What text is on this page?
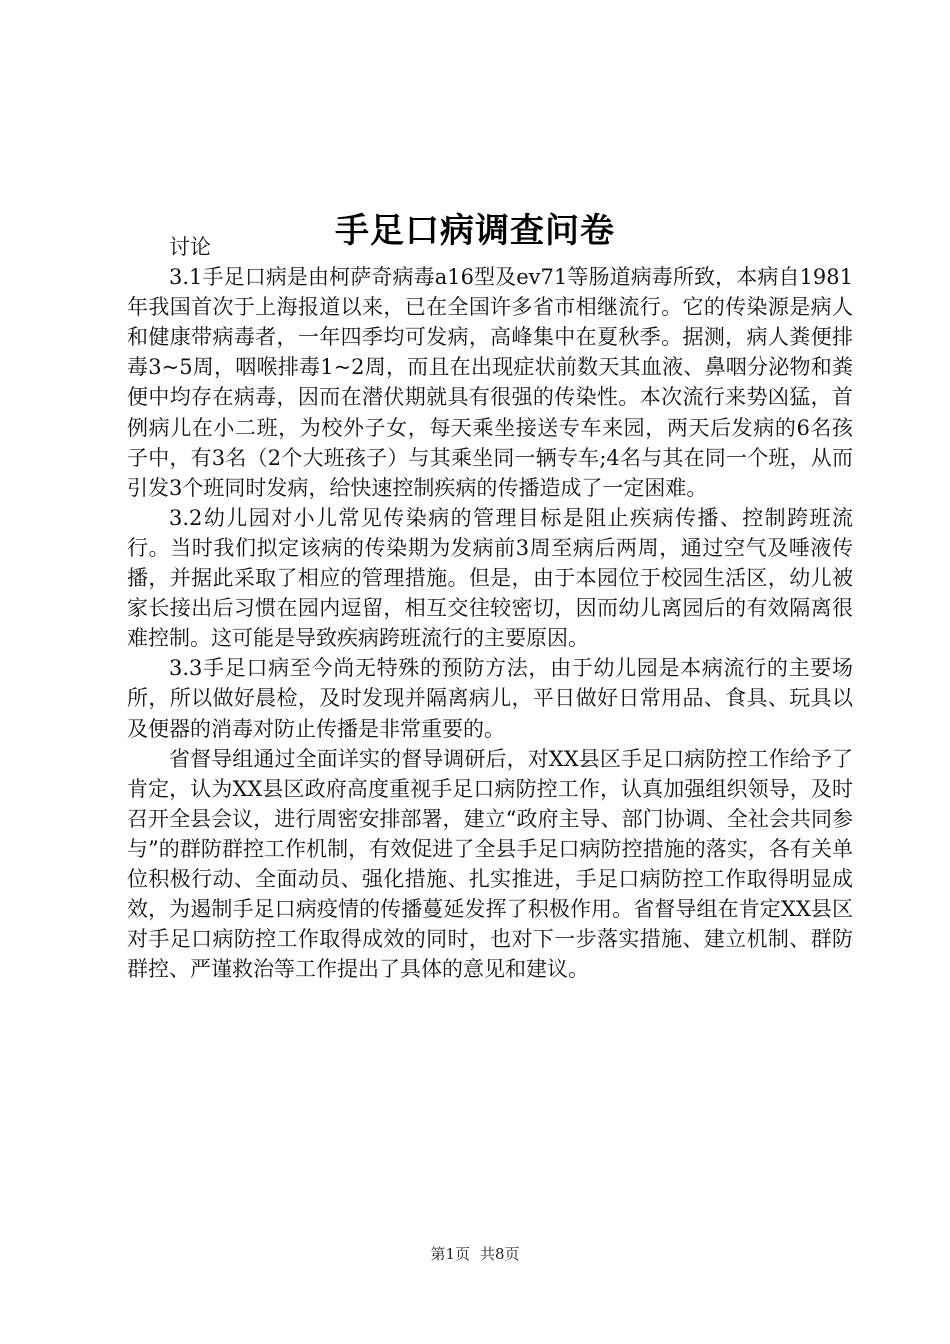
手足口病调查问卷

讨论

3.1手足口病是由柯萨奇病毒a16型及ev71等肠道病毒所致，本病自1981年我国首次于上海报道以来，已在全国许多省市相继流行。它的传染源是病人和健康带病毒者，一年四季均可发病，高峰集中在夏秋季。据测，病人粪便排毒3~5周，咽喉排毒1~2周，而且在出现症状前数天其血液、鼻咽分泌物和粪便中均存在病毒，因而在潜伏期就具有很强的传染性。本次流行来势凶猛，首例病儿在小二班，为校外子女，每天乘坐接送专车来园，两天后发病的6名孩子中，有3名（2个大班孩子）与其乘坐同一辆专车;4名与其在同一个班，从而引发3个班同时发病，给快速控制疾病的传播造成了一定困难。

3.2幼儿园对小儿常见传染病的管理目标是阻止疾病传播、控制跨班流行。当时我们拟定该病的传染期为发病前3周至病后两周，通过空气及唾液传播，并据此采取了相应的管理措施。但是，由于本园位于校园生活区，幼儿被家长接出后习惯在园内逗留，相互交往较密切，因而幼儿离园后的有效隔离很难控制。这可能是导致疾病跨班流行的主要原因。

3.3手足口病至今尚无特殊的预防方法，由于幼儿园是本病流行的主要场所，所以做好晨检，及时发现并隔离病儿，平日做好日常用品、食具、玩具以及便器的消毒对防止传播是非常重要的。

省督导组通过全面详实的督导调研后，对XX县区手足口病防控工作给予了肯定，认为XX县区政府高度重视手足口病防控工作，认真加强组织领导，及时召开全县会议，进行周密安排部署，建立“政府主导、部门协调、全社会共同参与”的群防群控工作机制，有效促进了全县手足口病防控措施的落实，各有关单位积极行动、全面动员、强化措施、扎实推进，手足口病防控工作取得明显成效，为遏制手足口病疫情的传播蔓延发挥了积极作用。省督导组在肯定XX县区对手足口病防控工作取得成效的同时，也对下一步落实措施、建立机制、群防群控、严谨救治等工作提出了具体的意见和建议。

第1页 共8页
